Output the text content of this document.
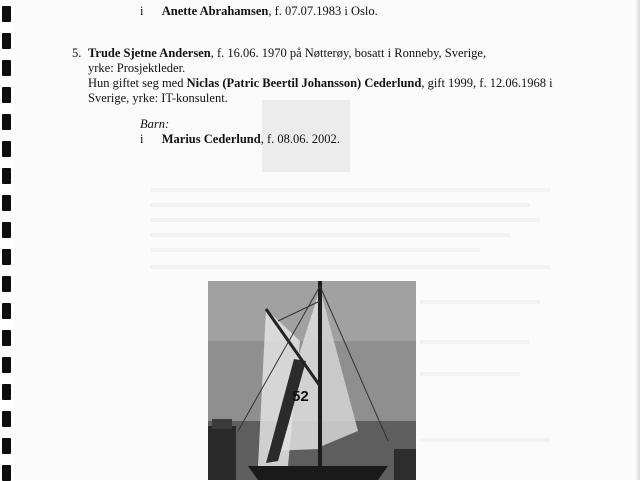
i Anette Abrahamsen, f. 07.07.1983 i Oslo.
5. Trude Sjetne Andersen, f. 16.06. 1970 på Nøtterøy, bosatt i Ronneby, Sverige,
yrke: Prosjektleder.
Hun giftet seg med Niclas (Patric Beertil Johansson) Cederlund, gift 1999, f. 12.06.1968 i
Sverige, yrke: IT-konsulent.
Barn:
i Marius Cederlund, f. 08.06. 2002.
52
